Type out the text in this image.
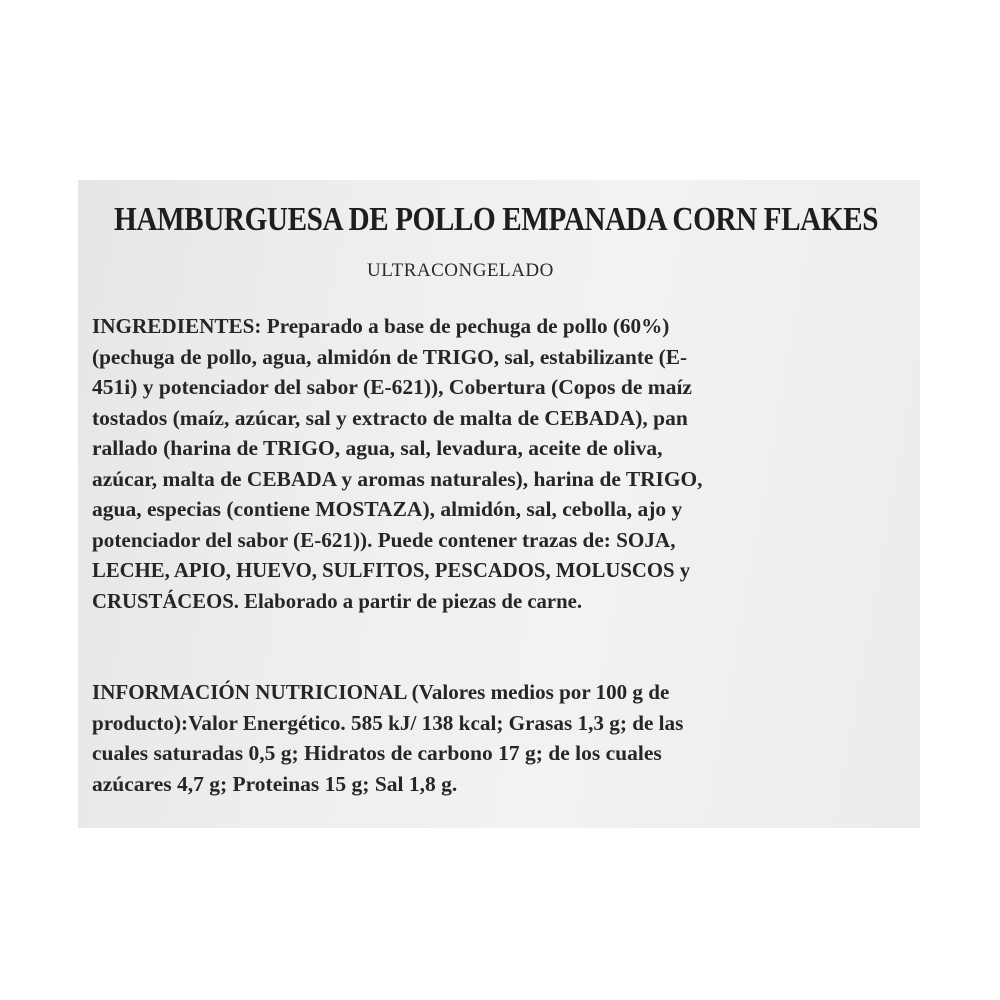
HAMBURGUESA DE POLLO EMPANADA CORN FLAKES
ULTRACONGELADO
INGREDIENTES: Preparado a base de pechuga de pollo (60%)
(pechuga de pollo, agua, almidón de TRIGO, sal, estabilizante (E-
451i) y potenciador del sabor (E-621)), Cobertura (Copos de maíz
tostados (maíz, azúcar, sal y extracto de malta de CEBADA), pan
rallado (harina de TRIGO, agua, sal, levadura, aceite de oliva,
azúcar, malta de CEBADA y aromas naturales), harina de TRIGO,
agua, especias (contiene MOSTAZA), almidón, sal, cebolla, ajo y
potenciador del sabor (E-621)). Puede contener trazas de: SOJA,
LECHE, APIO, HUEVO, SULFITOS, PESCADOS, MOLUSCOS y
CRUSTÁCEOS. Elaborado a partir de piezas de carne.
INFORMACIÓN NUTRICIONAL (Valores medios por 100 g de
producto):Valor Energético. 585 kJ/ 138 kcal; Grasas 1,3 g; de las
cuales saturadas 0,5 g; Hidratos de carbono 17 g; de los cuales
azúcares 4,7 g; Proteinas 15 g; Sal 1,8 g.
